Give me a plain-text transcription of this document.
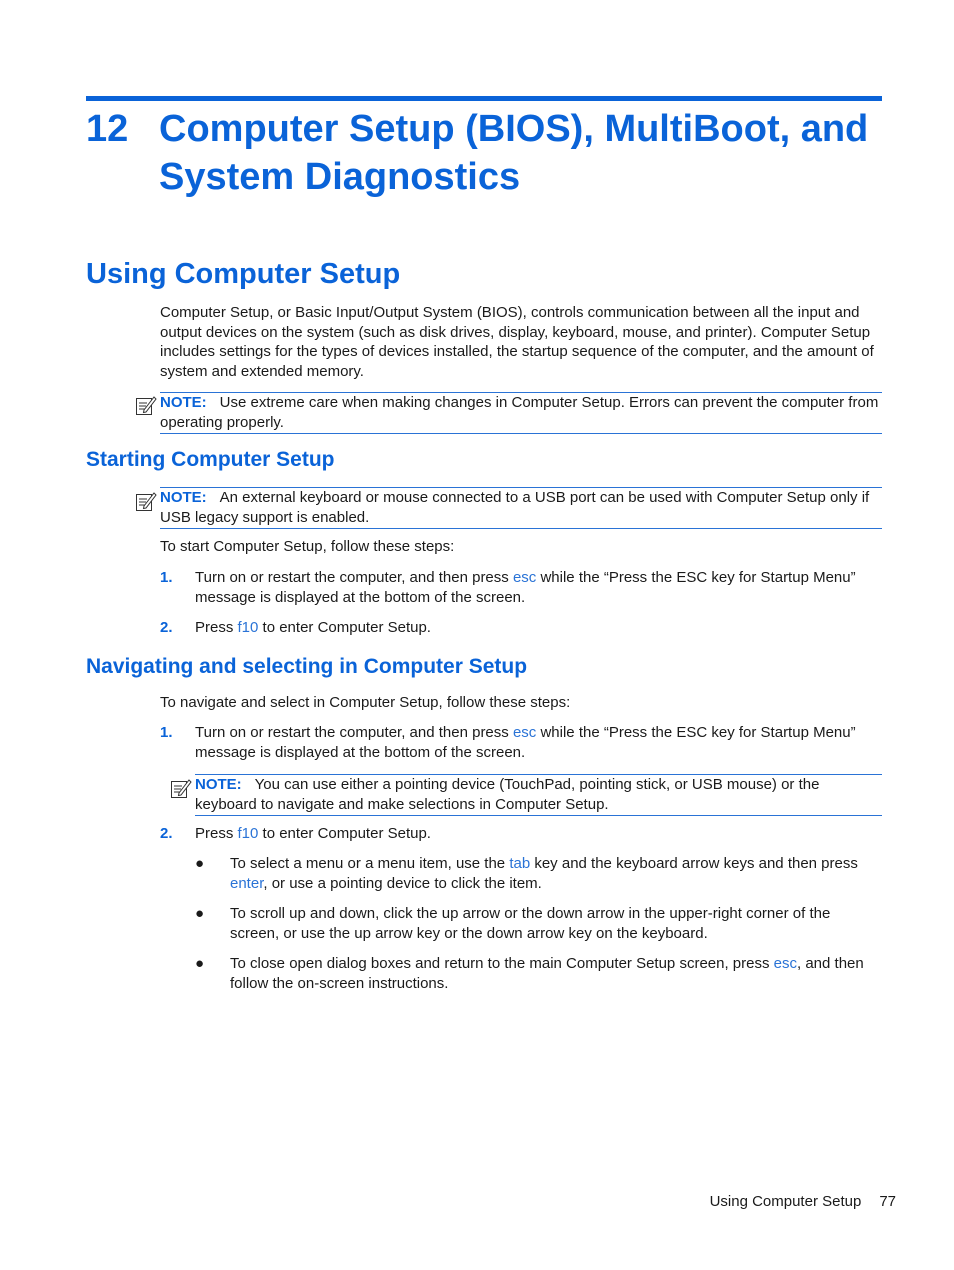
12 Computer Setup (BIOS), MultiBoot, and System Diagnostics
Using Computer Setup

Computer Setup, or Basic Input/Output System (BIOS), controls communication between all the input and output devices on the system (such as disk drives, display, keyboard, mouse, and printer). Computer Setup includes settings for the types of devices installed, the startup sequence of the computer, and the amount of system and extended memory.

NOTE: Use extreme care when making changes in Computer Setup. Errors can prevent the computer from operating properly.
Starting Computer Setup
NOTE: An external keyboard or mouse connected to a USB port can be used with Computer Setup only if USB legacy support is enabled.

To start Computer Setup, follow these steps:

1. Turn on or restart the computer, and then press esc while the “Press the ESC key for Startup Menu” message is displayed at the bottom of the screen.
2. Press f10 to enter Computer Setup.
Navigating and selecting in Computer Setup

To navigate and select in Computer Setup, follow these steps:

1. Turn on or restart the computer, and then press esc while the “Press the ESC key for Startup Menu” message is displayed at the bottom of the screen.
NOTE: You can use either a pointing device (TouchPad, pointing stick, or USB mouse) or the keyboard to navigate and make selections in Computer Setup.
2. Press f10 to enter Computer Setup.
● To select a menu or a menu item, use the tab key and the keyboard arrow keys and then press enter, or use a pointing device to click the item.
● To scroll up and down, click the up arrow or the down arrow in the upper-right corner of the screen, or use the up arrow key or the down arrow key on the keyboard.
● To close open dialog boxes and return to the main Computer Setup screen, press esc, and then follow the on-screen instructions.
Using Computer Setup 77
